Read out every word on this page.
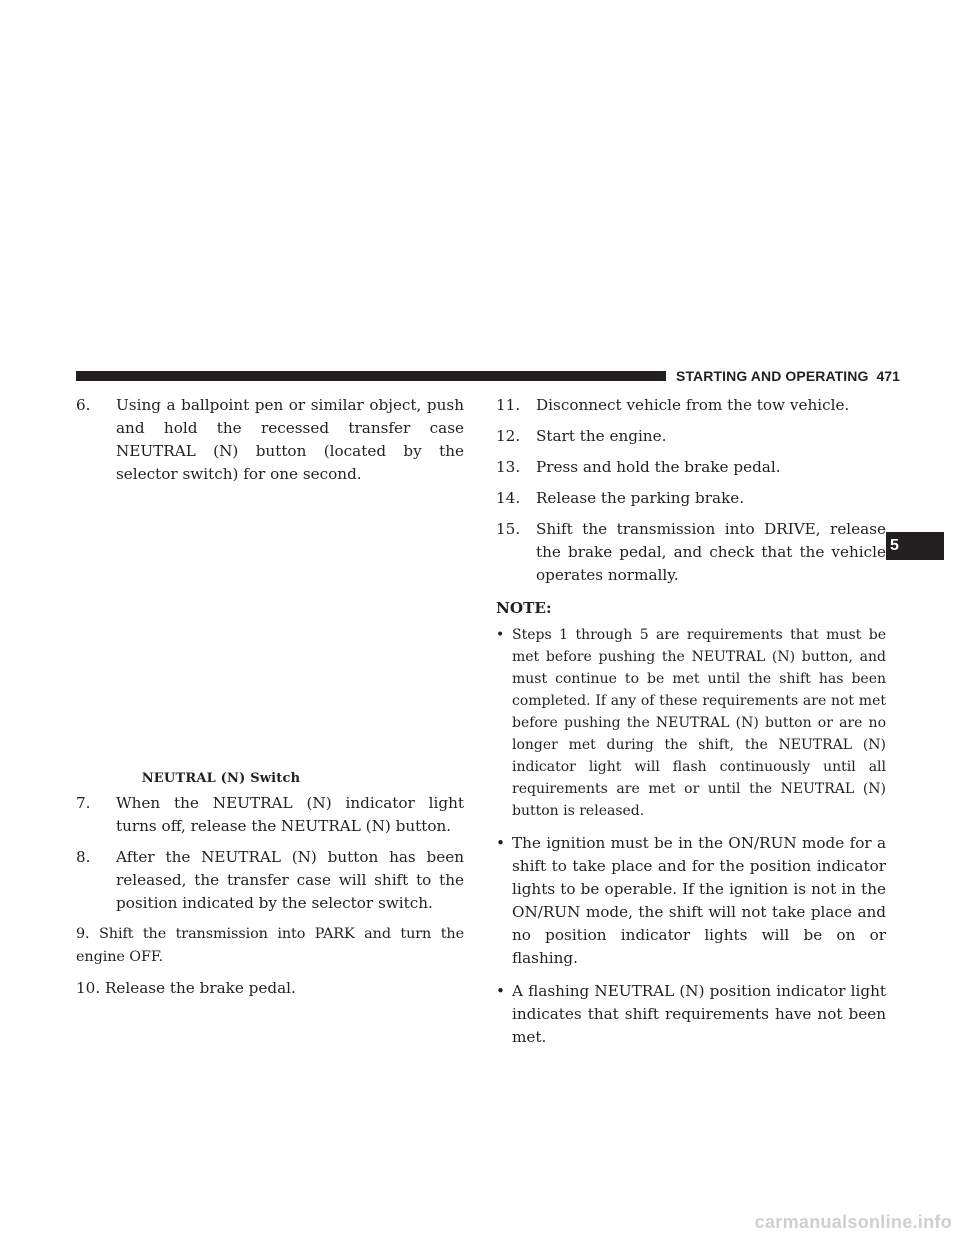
STARTING AND OPERATING 471
6. Using a ballpoint pen or similar object, push and hold the recessed transfer case NEUTRAL (N) button (located by the selector switch) for one second.
NEUTRAL (N) Switch
7. When the NEUTRAL (N) indicator light turns off, release the NEUTRAL (N) button.
8. After the NEUTRAL (N) button has been released, the transfer case will shift to the position indicated by the selector switch.
9. Shift the transmission into PARK and turn the engine OFF.
10. Release the brake pedal.
11. Disconnect vehicle from the tow vehicle.
12. Start the engine.
13. Press and hold the brake pedal.
14. Release the parking brake.
15. Shift the transmission into DRIVE, release the brake pedal, and check that the vehicle operates normally.
NOTE:
• Steps 1 through 5 are requirements that must be met before pushing the NEUTRAL (N) button, and must continue to be met until the shift has been completed. If any of these requirements are not met before pushing the NEUTRAL (N) button or are no longer met during the shift, the NEUTRAL (N) indicator light will flash continuously until all requirements are met or until the NEUTRAL (N) button is released.
• The ignition must be in the ON/RUN mode for a shift to take place and for the position indicator lights to be operable. If the ignition is not in the ON/RUN mode, the shift will not take place and no position indicator lights will be on or flashing.
• A flashing NEUTRAL (N) position indicator light indicates that shift requirements have not been met.
5
carmanualsonline.info
